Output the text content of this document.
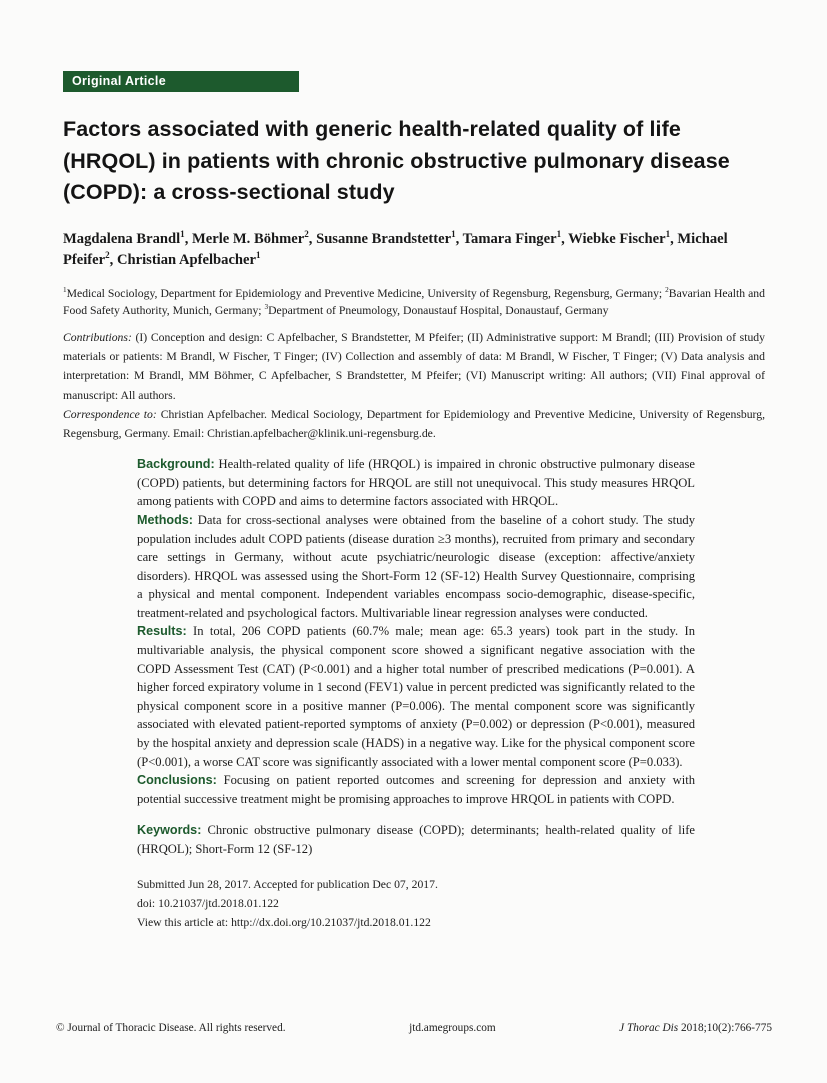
Original Article
Factors associated with generic health-related quality of life (HRQOL) in patients with chronic obstructive pulmonary disease (COPD): a cross-sectional study

Magdalena Brandl$^1$, Merle M. Böhmer$^2$, Susanne Brandstetter$^1$, Tamara Finger$^1$, Wiebke Fischer$^1$, Michael Pfeifer$^2$, Christian Apfelbacher$^1$

$^1$Medical Sociology, Department for Epidemiology and Preventive Medicine, University of Regensburg, Regensburg, Germany; $^2$Bavarian Health and Food Safety Authority, Munich, Germany; $^3$Department of Pneumology, Donaustauf Hospital, Donaustauf, Germany

Contributions: (I) Conception and design: C Apfelbacher, S Brandstetter, M Pfeifer; (II) Administrative support: M Brandl; (III) Provision of study materials or patients: M Brandl, W Fischer, T Finger; (IV) Collection and assembly of data: M Brandl, W Fischer, T Finger; (V) Data analysis and interpretation: M Brandl, MM Böhmer, C Apfelbacher, S Brandstetter, M Pfeifer; (VI) Manuscript writing: All authors; (VII) Final approval of manuscript: All authors.

Correspondence to: Christian Apfelbacher. Medical Sociology, Department for Epidemiology and Preventive Medicine, University of Regensburg, Regensburg, Germany. Email: Christian.apfelbacher@klinik.uni-regensburg.de.

Background: Health-related quality of life (HRQOL) is impaired in chronic obstructive pulmonary disease (COPD) patients, but determining factors for HRQOL are still not unequivocal. This study measures HRQOL among patients with COPD and aims to determine factors associated with HRQOL.

Methods: Data for cross-sectional analyses were obtained from the baseline of a cohort study. The study population includes adult COPD patients (disease duration ≥3 months), recruited from primary and secondary care settings in Germany, without acute psychiatric/neurologic disease (exception: affective/anxiety disorders). HRQOL was assessed using the Short-Form 12 (SF-12) Health Survey Questionnaire, comprising a physical and mental component. Independent variables encompass socio-demographic, disease-specific, treatment-related and psychological factors. Multivariable linear regression analyses were conducted.

Results: In total, 206 COPD patients (60.7% male; mean age: 65.3 years) took part in the study. In multivariable analysis, the physical component score showed a significant negative association with the COPD Assessment Test (CAT) (P<0.001) and a higher total number of prescribed medications (P=0.001). A higher forced expiratory volume in 1 second (FEV1) value in percent predicted was significantly related to the physical component score in a positive manner (P=0.006). The mental component score was significantly associated with elevated patient-reported symptoms of anxiety (P=0.002) or depression (P<0.001), measured by the hospital anxiety and depression scale (HADS) in a negative way. Like for the physical component score (P<0.001), a worse CAT score was significantly associated with a lower mental component score (P=0.033).

Conclusions: Focusing on patient reported outcomes and screening for depression and anxiety with potential successive treatment might be promising approaches to improve HRQOL in patients with COPD.

Keywords: Chronic obstructive pulmonary disease (COPD); determinants; health-related quality of life (HRQOL); Short-Form 12 (SF-12)

Submitted Jun 28, 2017. Accepted for publication Dec 07, 2017.

doi: 10.21037/jtd.2018.01.122

View this article at: http://dx.doi.org/10.21037/jtd.2018.01.122

© Journal of Thoracic Disease. All rights reserved.	jtd.amegroups.com	J Thorac Dis 2018;10(2):766-775
